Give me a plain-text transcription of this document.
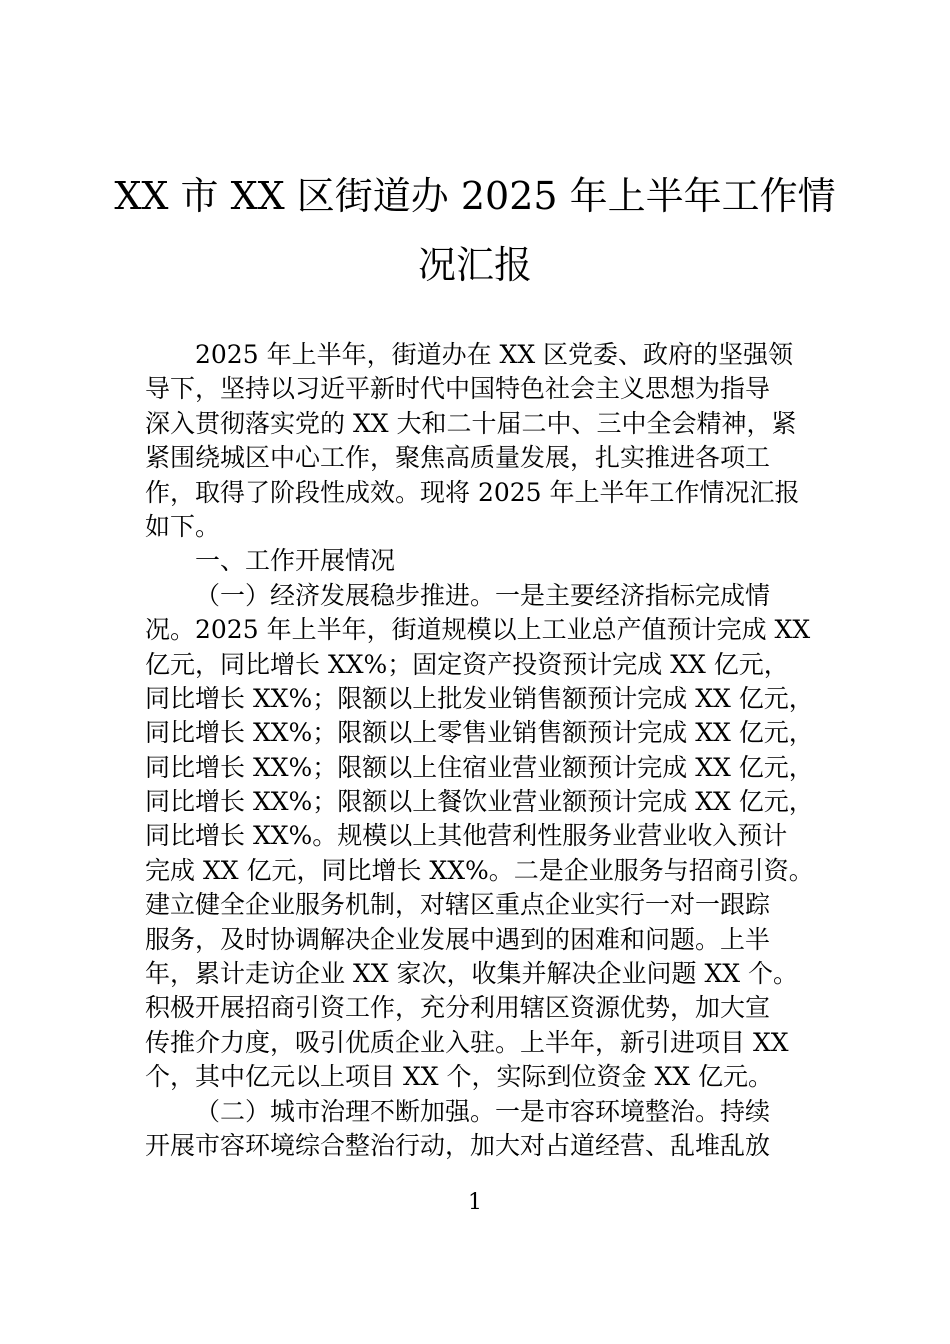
XX 市 XX 区街道办 2025 年上半年工作情
况汇报

2025 年上半年，街道办在 XX 区党委、政府的坚强领

导下，坚持以习近平新时代中国特色社会主义思想为指导

深入贯彻落实党的 XX 大和二十届二中、三中全会精神，紧

紧围绕城区中心工作，聚焦高质量发展，扎实推进各项工

作，取得了阶段性成效。现将 2025 年上半年工作情况汇报

如下。

一、工作开展情况

（一）经济发展稳步推进。一是主要经济指标完成情

况。2025 年上半年，街道规模以上工业总产值预计完成 XX

亿元，同比增长 XX%；固定资产投资预计完成 XX 亿元，

同比增长 XX%；限额以上批发业销售额预计完成 XX 亿元，

同比增长 XX%；限额以上零售业销售额预计完成 XX 亿元，

同比增长 XX%；限额以上住宿业营业额预计完成 XX 亿元，

同比增长 XX%；限额以上餐饮业营业额预计完成 XX 亿元，

同比增长 XX%。规模以上其他营利性服务业营业收入预计

完成 XX 亿元，同比增长 XX%。二是企业服务与招商引资。

建立健全企业服务机制，对辖区重点企业实行一对一跟踪

服务，及时协调解决企业发展中遇到的困难和问题。上半

年，累计走访企业 XX 家次，收集并解决企业问题 XX 个。

积极开展招商引资工作，充分利用辖区资源优势，加大宣

传推介力度，吸引优质企业入驻。上半年，新引进项目 XX

个，其中亿元以上项目 XX 个，实际到位资金 XX 亿元。

（二）城市治理不断加强。一是市容环境整治。持续

开展市容环境综合整治行动，加大对占道经营、乱堆乱放

1
